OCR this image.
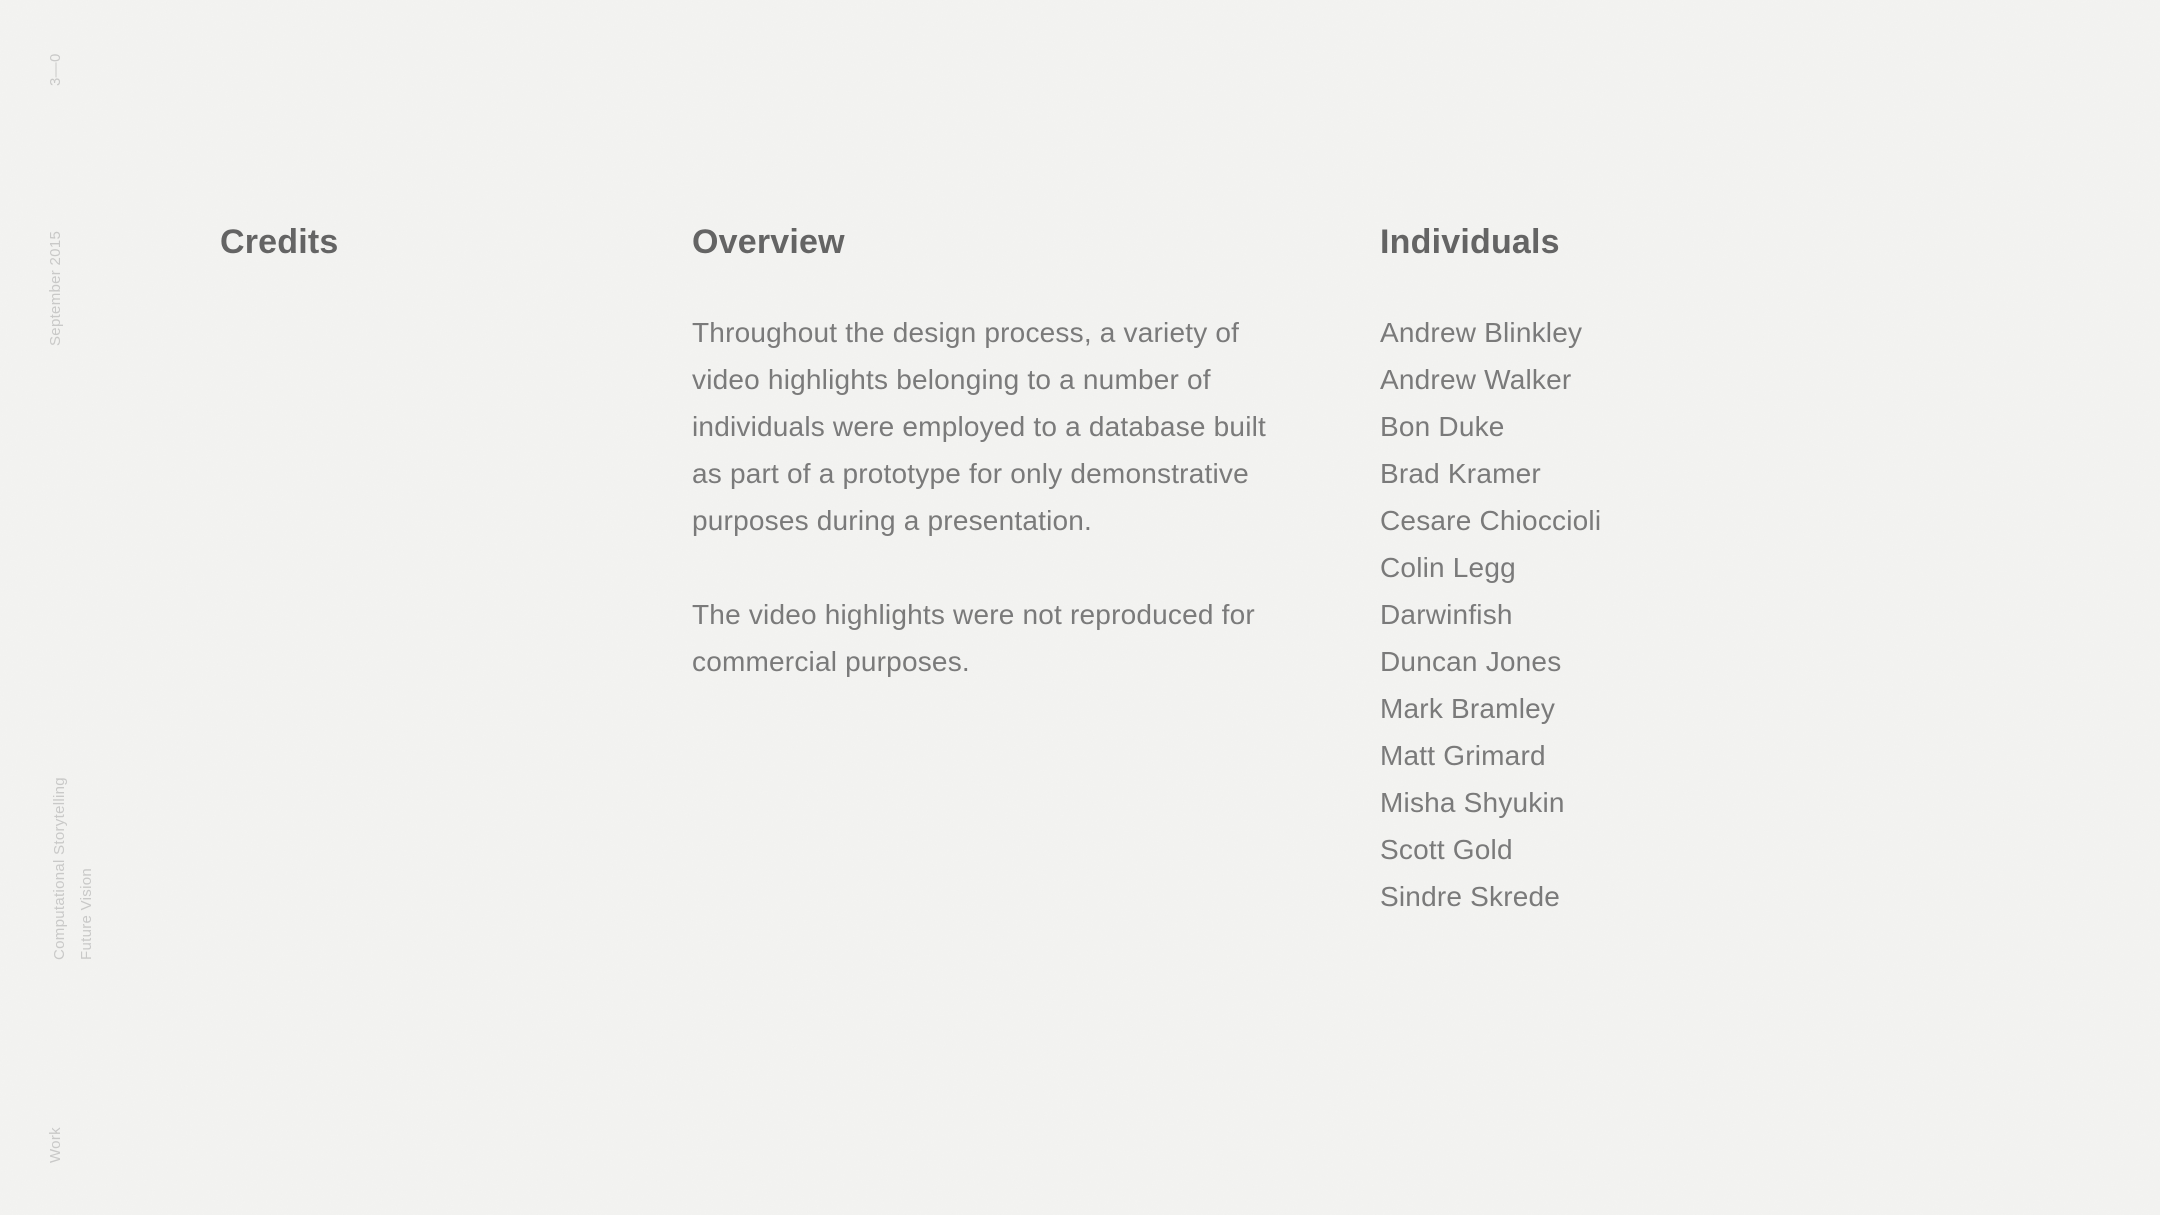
3—0
September 2015
Computational Storytelling Future Vision
Work
Credits	Overview

Throughout the design process, a variety of video highlights belonging to a number of individuals were employed to a database built as part of a prototype for only demonstrative purposes during a presentation.

The video highlights were not reproduced for commercial purposes.

Individuals
Andrew Blinkley
Andrew Walker
Bon Duke
Brad Kramer
Cesare Chioccioli
Colin Legg
Darwinfish
Duncan Jones
Mark Bramley
Matt Grimard
Misha Shyukin
Scott Gold
Sindre Skrede
